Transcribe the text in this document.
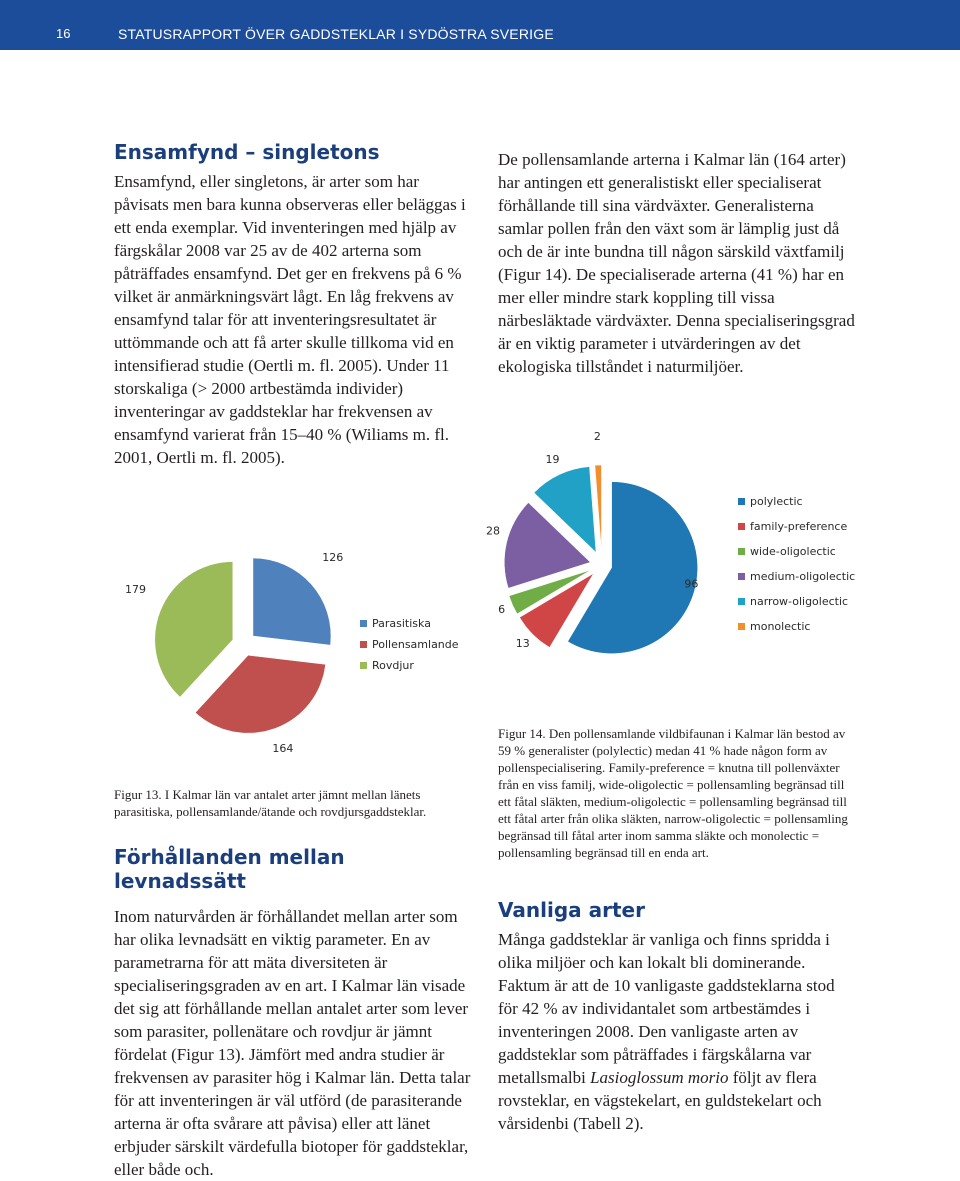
16	STATUSRAPPORT ÖVER GADDSTEKLAR I SYDÖSTRA SVERIGE
Ensamfynd – singletons

Ensamfynd, eller singletons, är arter som har påvisats men bara kunna observeras eller beläggas i ett enda exemplar. Vid inventeringen med hjälp av färgskålar 2008 var 25 av de 402 arterna som påträffades ensamfynd. Det ger en frekvens på 6 % vilket är anmärkningsvärt lågt. En låg frekvens av ensamfynd talar för att inventeringsresultatet är uttömmande och att få arter skulle tillkoma vid en intensifierad studie (Oertli m. fl. 2005). Under 11 storskaliga (> 2000 artbestämda individer) inventeringar av gaddsteklar har frekvensen av ensamfynd varierat från 15–40 % (Wiliams m. fl. 2001, Oertli m. fl. 2005).

De pollensamlande arterna i Kalmar län (164 arter) har antingen ett generalistiskt eller specialiserat förhållande till sina värdväxter. Generalisterna samlar pollen från den växt som är lämplig just då och de är inte bundna till någon särskild växtfamilj (Figur 14). De specialiserade arterna (41 %) har en mer eller mindre stark koppling till vissa närbesläktade värdväxter. Denna specialiseringsgrad är en viktig parameter i utvärderingen av det ekologiska tillståndet i naturmiljöer.

126
164
179
Parasitiska
Pollensamlande
Rovdjur
96
13
6
28
19
2
polylectic
family-preference
wide-oligolectic
medium-oligolectic
narrow-oligolectic
monolectic

Figur 13. I Kalmar län var antalet arter jämnt mellan länets parasitiska, pollensamlande/ätande och rovdjursgaddsteklar.

Figur 14. Den pollensamlande vildbifaunan i Kalmar län bestod av 59 % generalister (polylectic) medan 41 % hade någon form av pollenspecialisering. Family-preference = knutna till pollenväxter från en viss familj, wide-oligolectic = pollensamling begränsad till ett fåtal släkten, medium-oligolectic = pollensamling begränsad till ett fåtal arter från olika släkten, narrow-oligolectic = pollensamling begränsad till fåtal arter inom samma släkte och monolectic = pollensamling begränsad till en enda art.

Förhållanden mellan levnadssätt

Inom naturvården är förhållandet mellan arter som har olika levnadsätt en viktig parameter. En av parametrarna för att mäta diversiteten är specialiseringsgraden av en art. I Kalmar län visade det sig att förhållande mellan antalet arter som lever som parasiter, pollenätare och rovdjur är jämnt fördelat (Figur 13). Jämfört med andra studier är frekvensen av parasiter hög i Kalmar län. Detta talar för att inventeringen är väl utförd (de parasiterande arterna är ofta svårare att påvisa) eller att länet erbjuder särskilt värdefulla biotoper för gaddsteklar, eller både och.

Vanliga arter

Många gaddsteklar är vanliga och finns spridda i olika miljöer och kan lokalt bli dominerande. Faktum är att de 10 vanligaste gaddsteklarna stod för 42 % av individantalet som artbestämdes i inventeringen 2008. Den vanligaste arten av gaddsteklar som påträffades i färgskålarna var metallsmalbi Lasioglossum morio följt av flera rovsteklar, en vägstekelart, en guldstekelart och vårsidenbi (Tabell 2).
